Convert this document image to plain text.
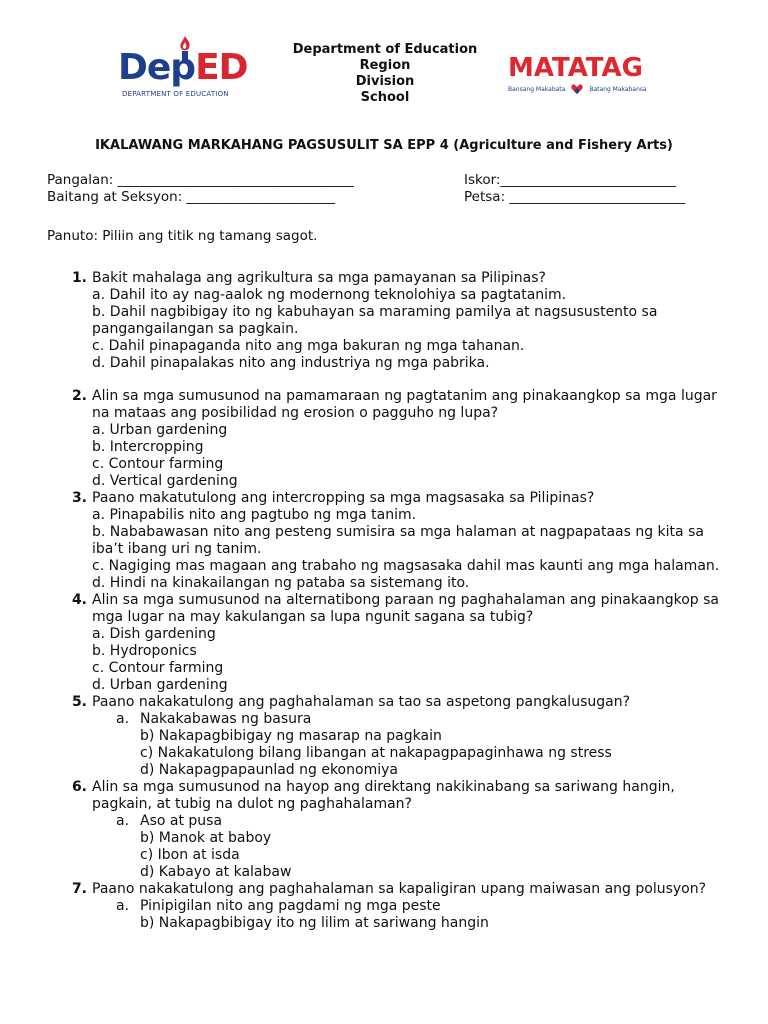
DepED
DEPARTMENT OF EDUCATION
Department of Education
Region
Division
School
MATATAG
Bansang Makabata	Batang Makabansa
IKALAWANG MARKAHANG PAGSUSULIT SA EPP 4 (Agriculture and Fishery Arts)
Pangalan: ___________________________________
Baitang at Seksyon: ______________________
Iskor:__________________________
Petsa: __________________________
Panuto: Piliin ang titik ng tamang sagot.
1. Bakit mahalaga ang agrikultura sa mga pamayanan sa Pilipinas?
a. Dahil ito ay nag-aalok ng modernong teknolohiya sa pagtatanim.
b. Dahil nagbibigay ito ng kabuhayan sa maraming pamilya at nagsusustento sa pangangailangan sa pagkain.
c. Dahil pinapaganda nito ang mga bakuran ng mga tahanan.
d. Dahil pinapalakas nito ang industriya ng mga pabrika.
2. Alin sa mga sumusunod na pamamaraan ng pagtatanim ang pinakaangkop sa mga lugar na mataas ang posibilidad ng erosion o pagguho ng lupa?
a. Urban gardening
b. Intercropping
c. Contour farming
d. Vertical gardening
3. Paano makatutulong ang intercropping sa mga magsasaka sa Pilipinas?
a. Pinapabilis nito ang pagtubo ng mga tanim.
b. Nababawasan nito ang pesteng sumisira sa mga halaman at nagpapataas ng kita sa iba’t ibang uri ng tanim.
c. Nagiging mas magaan ang trabaho ng magsasaka dahil mas kaunti ang mga halaman.
d. Hindi na kinakailangan ng pataba sa sistemang ito.
4. Alin sa mga sumusunod na alternatibong paraan ng paghahalaman ang pinakaangkop sa mga lugar na may kakulangan sa lupa ngunit sagana sa tubig?
a. Dish gardening
b. Hydroponics
c. Contour farming
d. Urban gardening
5. Paano nakakatulong ang paghahalaman sa tao sa aspetong pangkalusugan?
a. Nakakabawas ng basura
b) Nakapagbibigay ng masarap na pagkain
c) Nakakatulong bilang libangan at nakapagpapaginhawa ng stress
d) Nakapagpapaunlad ng ekonomiya
6. Alin sa mga sumusunod na hayop ang direktang nakikinabang sa sariwang hangin, pagkain, at tubig na dulot ng paghahalaman?
a. Aso at pusa
b) Manok at baboy
c) Ibon at isda
d) Kabayo at kalabaw
7. Paano nakakatulong ang paghahalaman sa kapaligiran upang maiwasan ang polusyon?
a. Pinipigilan nito ang pagdami ng mga peste
b) Nakapagbibigay ito ng lilim at sariwang hangin
